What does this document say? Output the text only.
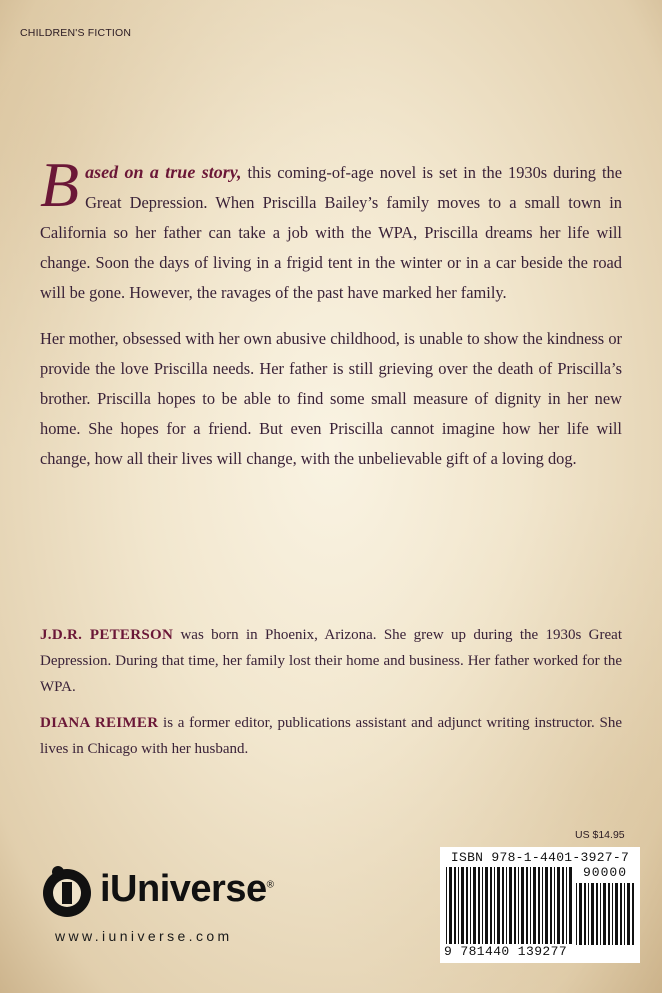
CHILDREN'S FICTION

Based on a true story, this coming-of-age novel is set in the 1930s during the Great Depression. When Priscilla Bailey’s family moves to a small town in California so her father can take a job with the WPA, Priscilla dreams her life will change. Soon the days of living in a frigid tent in the winter or in a car beside the road will be gone. However, the ravages of the past have marked her family.

Her mother, obsessed with her own abusive childhood, is unable to show the kindness or provide the love Priscilla needs. Her father is still grieving over the death of Priscilla’s brother. Priscilla hopes to be able to find some small measure of dignity in her new home. She hopes for a friend. But even Priscilla cannot imagine how her life will change, how all their lives will change, with the unbelievable gift of a loving dog.

J.D.R. PETERSON was born in Phoenix, Arizona. She grew up during the 1930s Great Depression. During that time, her family lost their home and business. Her father worked for the WPA.

DIANA REIMER is a former editor, publications assistant and adjunct writing instructor. She lives in Chicago with her husband.

US $14.95
ISBN 978-1-4401-3927-7
90000
9 781440 139277
iUniverse®
www.iuniverse.com
